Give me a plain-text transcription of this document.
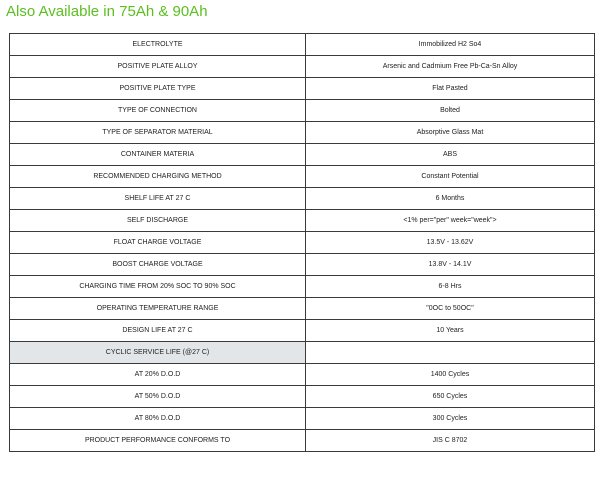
Also Available in 75Ah & 90Ah
ELECTROLYTE	Immobilized H2 So4
POSITIVE PLATE ALLOY	Arsenic and Cadmium Free Pb-Ca-Sn Alloy
POSITIVE PLATE TYPE	Flat Pasted
TYPE OF CONNECTION	Bolted
TYPE OF SEPARATOR MATERIAL	Absorptive Glass Mat
CONTAINER MATERIA	ABS
RECOMMENDED CHARGING METHOD	Constant Potential
SHELF LIFE AT 27 C	6 Months
SELF DISCHARGE	<1% per="per" week="week">
FLOAT CHARGE VOLTAGE	13.5V - 13.62V
BOOST CHARGE VOLTAGE	13.8V - 14.1V
CHARGING TIME FROM 20% SOC TO 90% SOC	6-8 Hrs
OPERATING TEMPERATURE RANGE	"0OC to 50OC"
DESIGN LIFE AT 27 C	10 Years
CYCLIC SERVICE LIFE (@27 C)	
AT 20% D.O.D	1400 Cycles
AT 50% D.O.D	650 Cycles
AT 80% D.O.D	300 Cycles
PRODUCT PERFORMANCE CONFORMS TO	JIS C 8702
